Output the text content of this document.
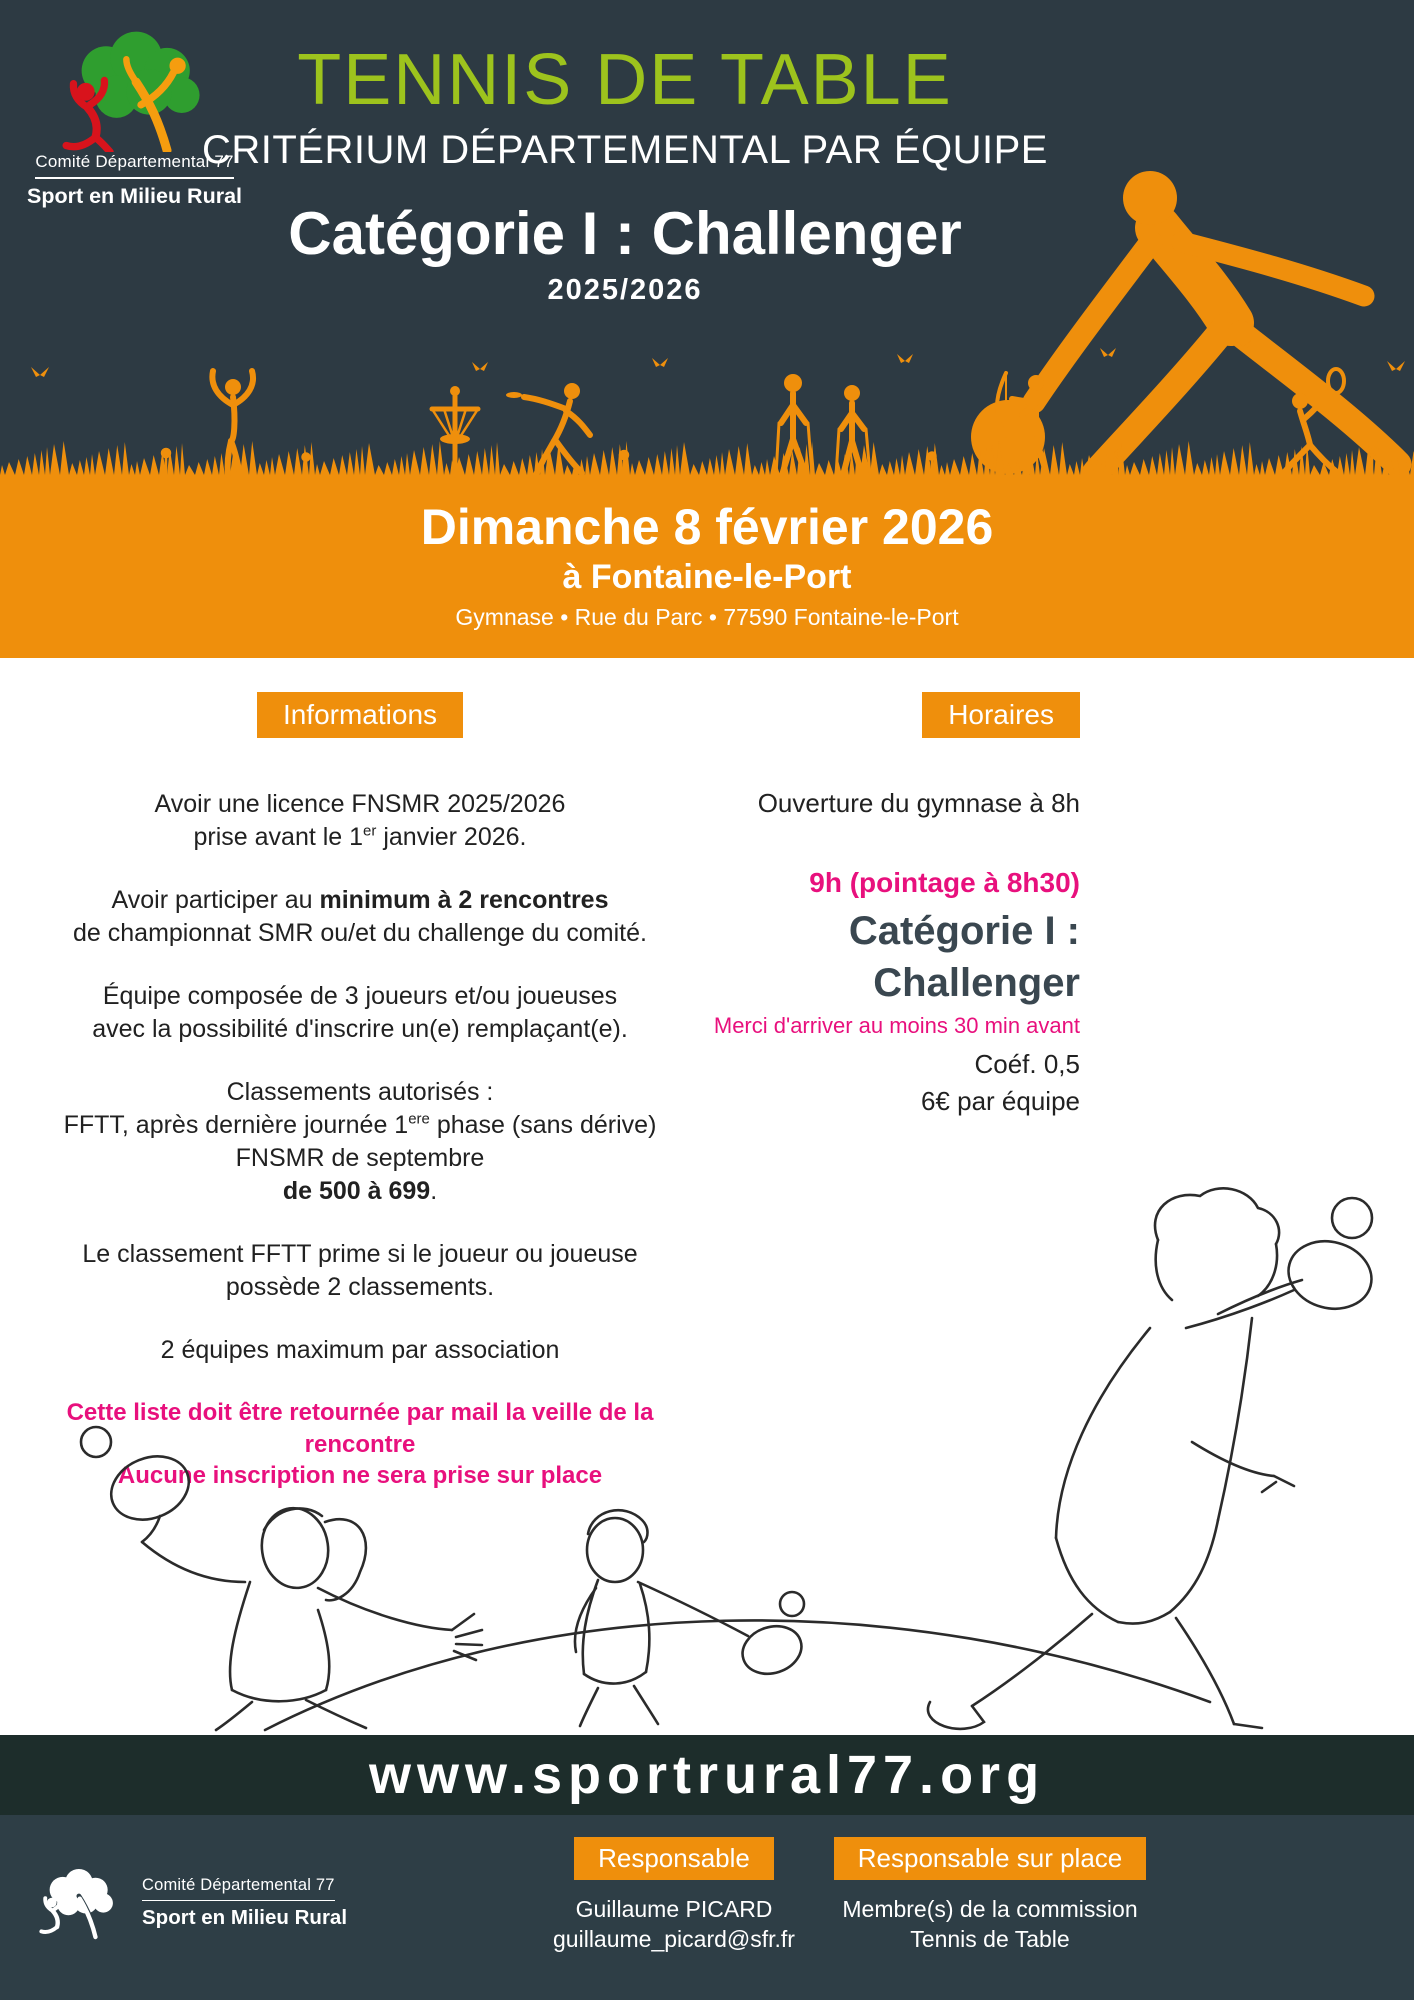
Comité Départemental 77
Sport en Milieu Rural
TENNIS DE TABLE
CRITÉRIUM DÉPARTEMENTAL PAR ÉQUIPE
Catégorie I : Challenger
2025/2026
Dimanche 8 février 2026
à Fontaine-le-Port
Gymnase • Rue du Parc • 77590 Fontaine-le-Port
Informations
Avoir une licence FNSMR 2025/2026
prise avant le 1er janvier 2026.
Avoir participer au minimum à 2 rencontres
de championnat SMR ou/et du challenge du comité.
Équipe composée de 3 joueurs et/ou joueuses
avec la possibilité d'inscrire un(e) remplaçant(e).
Classements autorisés :
FFTT, après dernière journée 1ere phase (sans dérive)
FNSMR de septembre
de 500 à 699.
Le classement FFTT prime si le joueur ou joueuse
possède 2 classements.
2 équipes maximum par association
Cette liste doit être retournée par mail la veille de la rencontre
Aucune inscription ne sera prise sur place
Horaires
Ouverture du gymnase à 8h
9h (pointage à 8h30)
Catégorie I :
Challenger
Merci d'arriver au moins 30 min avant
Coéf. 0,5
6€ par équipe
www.sportrural77.org
Comité Départemental 77
Sport en Milieu Rural
Responsable
Guillaume PICARD
guillaume_picard@sfr.fr
Responsable sur place
Membre(s) de la commission
Tennis de Table
